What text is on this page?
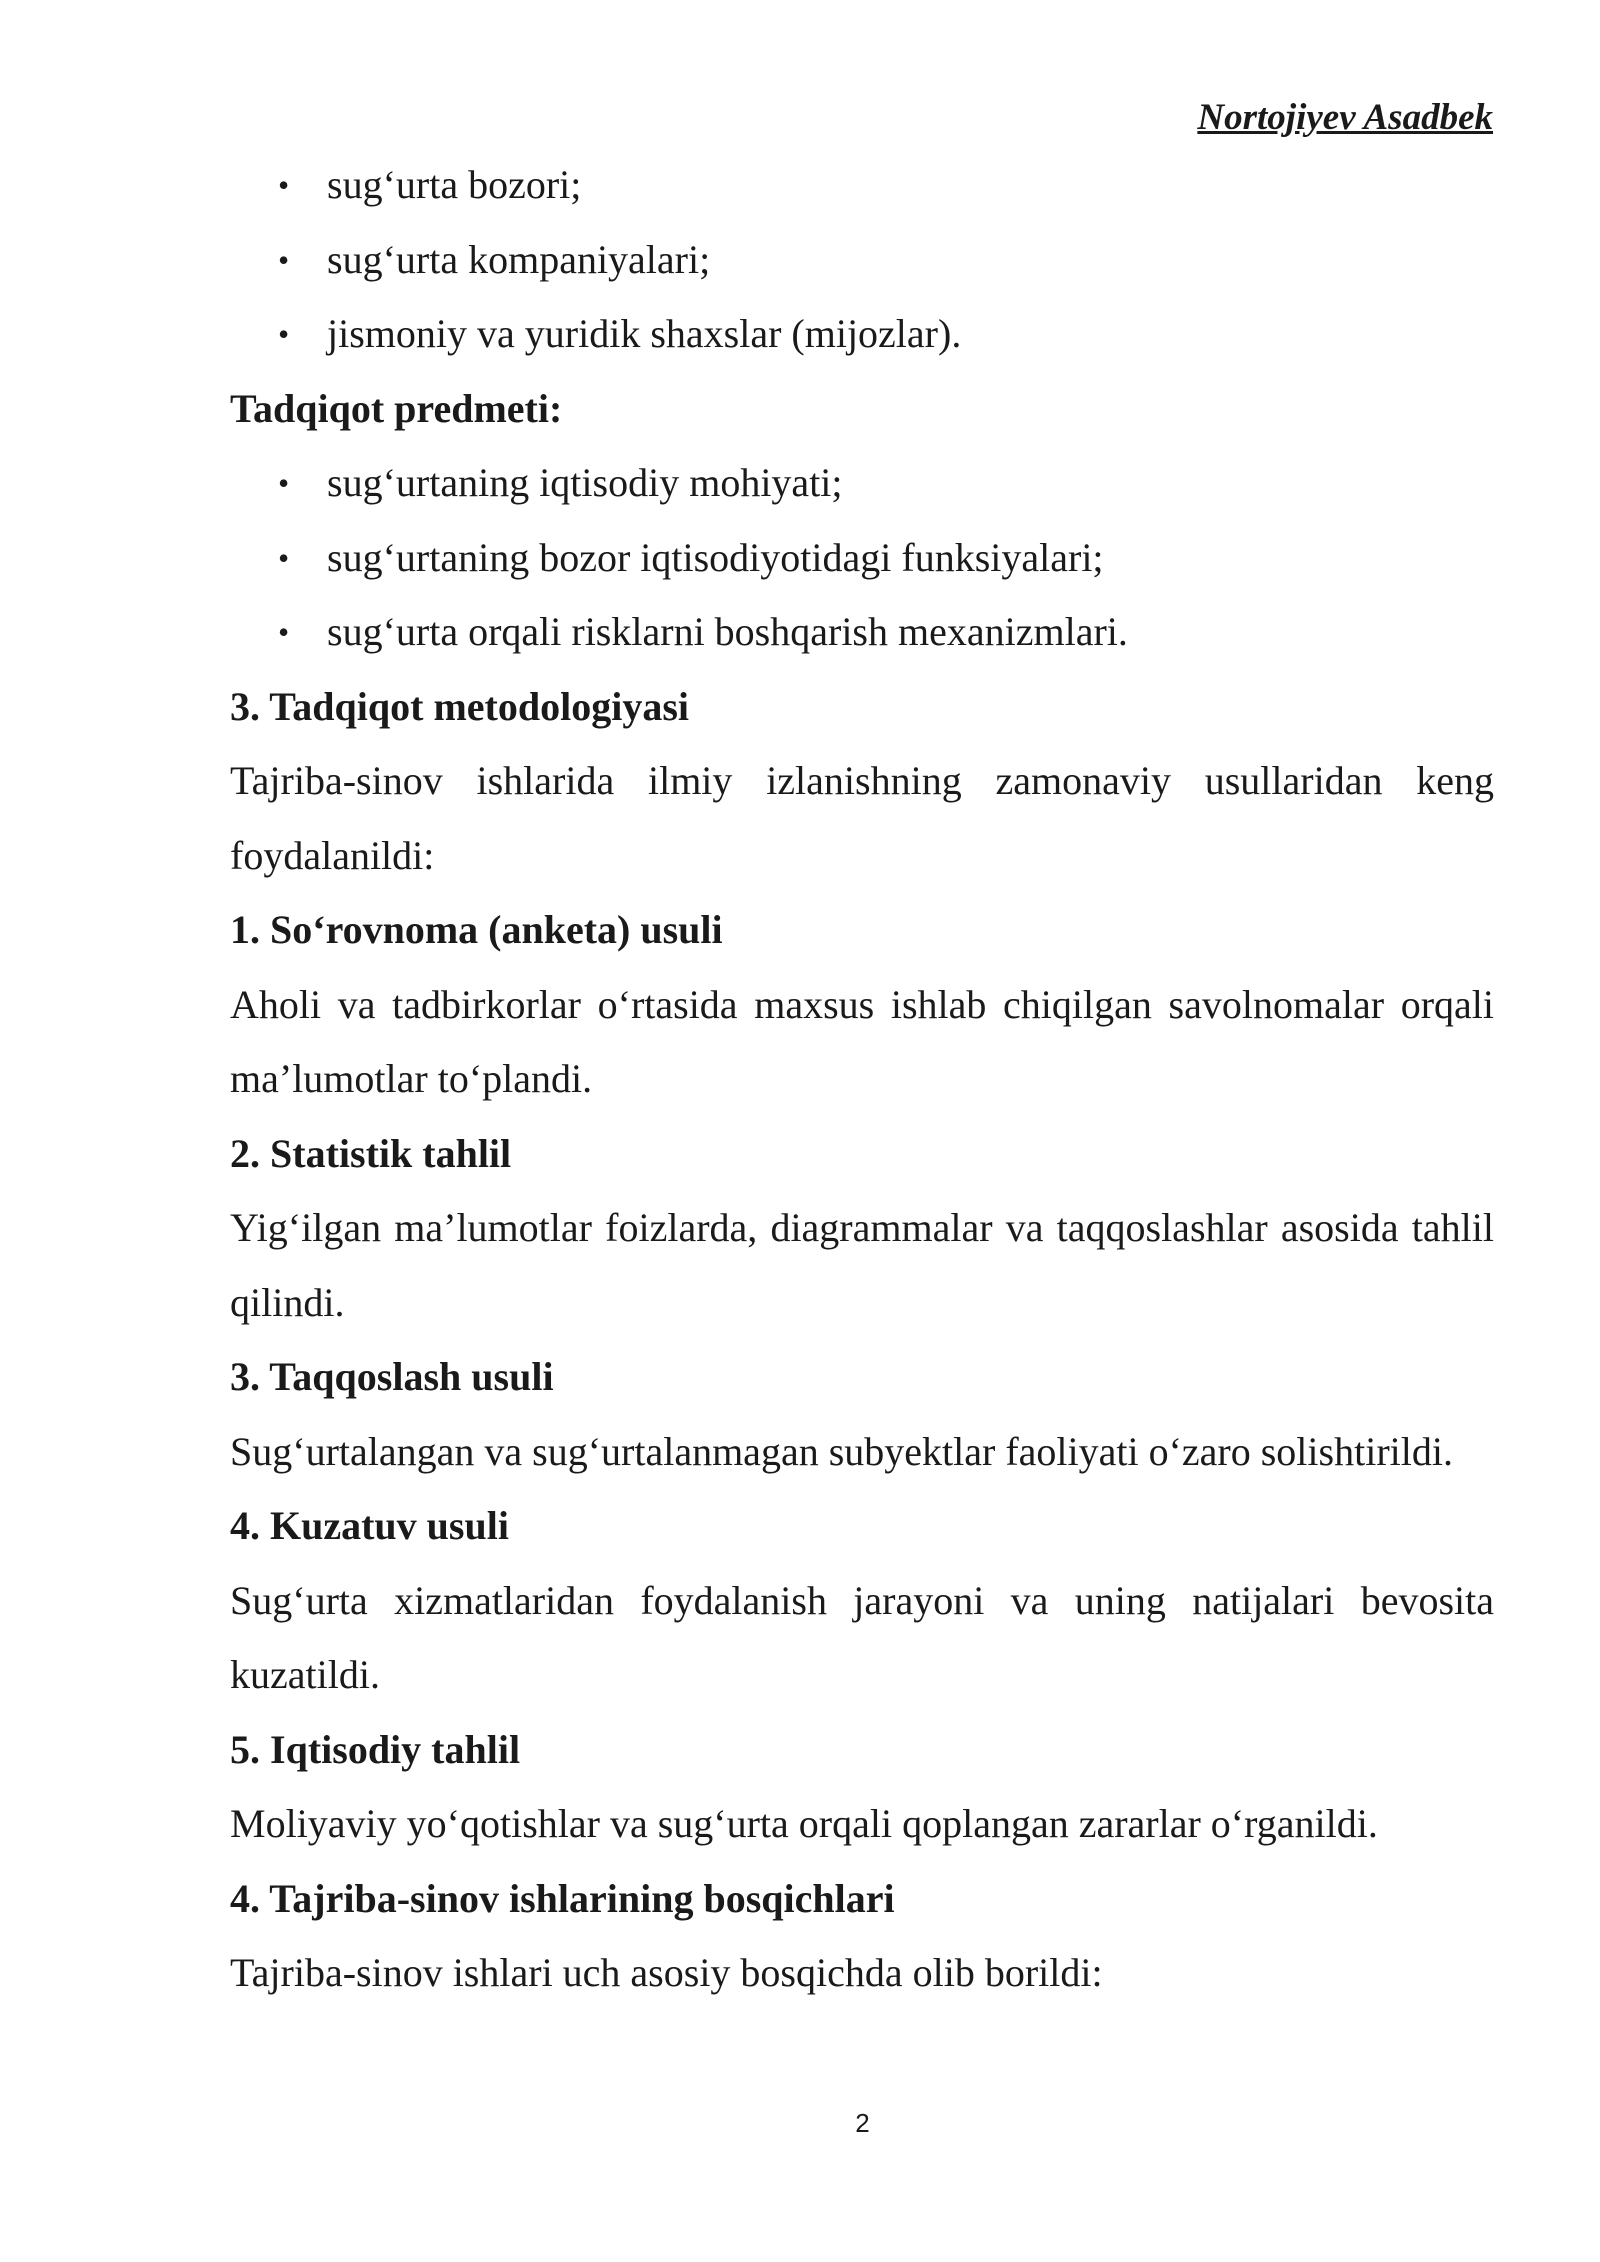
Nortojiyev Asadbek
• sug‘urta bozori;
• sug‘urta kompaniyalari;
• jismoniy va yuridik shaxslar (mijozlar).

Tadqiqot predmeti:

• sug‘urtaning iqtisodiy mohiyati;
• sug‘urtaning bozor iqtisodiyotidagi funksiyalari;
• sug‘urta orqali risklarni boshqarish mexanizmlari.

3. Tadqiqot metodologiyasi

Tajriba-sinov ishlarida ilmiy izlanishning zamonaviy usullaridan keng foydalanildi:

1. So‘rovnoma (anketa) usuli

Aholi va tadbirkorlar o‘rtasida maxsus ishlab chiqilgan savolnomalar orqali ma’lumotlar to‘plandi.

2. Statistik tahlil

Yig‘ilgan ma’lumotlar foizlarda, diagrammalar va taqqoslashlar asosida tahlil qilindi.

3. Taqqoslash usuli

Sug‘urtalangan va sug‘urtalanmagan subyektlar faoliyati o‘zaro solishtirildi.

4. Kuzatuv usuli

Sug‘urta xizmatlaridan foydalanish jarayoni va uning natijalari bevosita kuzatildi.

5. Iqtisodiy tahlil

Moliyaviy yo‘qotishlar va sug‘urta orqali qoplangan zararlar o‘rganildi.

4. Tajriba-sinov ishlarining bosqichlari

Tajriba-sinov ishlari uch asosiy bosqichda olib borildi:

2
